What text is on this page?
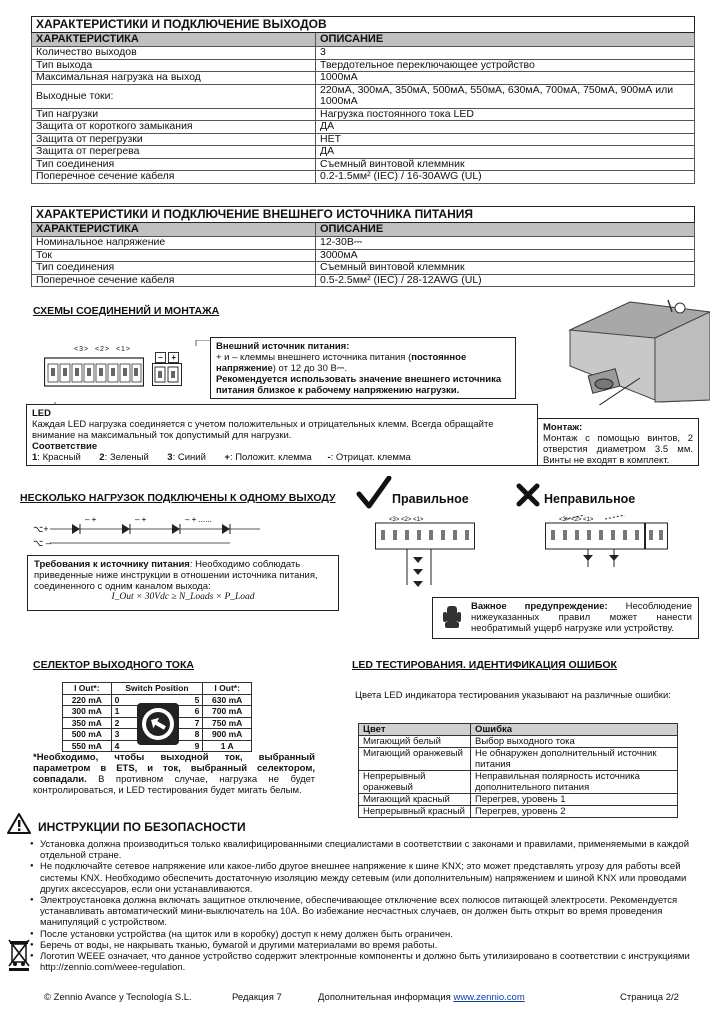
ХАРАКТЕРИСТИКИ И ПОДКЛЮЧЕНИЕ ВЫХОДОВ	
ХАРАКТЕРИСТИКА	ОПИСАНИЕ
Количество выходов	3
Тип выхода	Твердотельное переключающее устройство
Максимальная нагрузка на выход	1000мА
Выходные токи:	220мА, 300мА, 350мА, 500мА, 550мА, 630мА, 700мА, 750мА, 900мА или 1000мА
Тип нагрузки	Нагрузка постоянного тока LED
Защита от короткого замыкания	ДА
Защита от перегрузки	НЕТ
Защита от перегрева	ДА
Тип соединения	Съемный винтовой клеммник
Поперечное сечение кабеля	0.2-1.5мм² (IEC) / 16-30AWG (UL)
ХАРАКТЕРИСТИКИ И ПОДКЛЮЧЕНИЕ ВНЕШНЕГО ИСТОЧНИКА ПИТАНИЯ	
ХАРАКТЕРИСТИКА	ОПИСАНИЕ
Номинальное напряжение	12-30В⎓
Ток	3000мА
Тип соединения	Съемный винтовой клеммник
Поперечное сечение кабеля	0.5-2.5мм² (IEC) / 28-12AWG (UL)
СХЕМЫ СОЕДИНЕНИЙ И МОНТАЖА
<3> <2> <1>
– +
Внешний источник питания:
+ и – клеммы внешнего источника питания (постоянное напряжение) от 12 до 30 В⎓.
Рекомендуется использовать значение внешнего источника питания близкое к рабочему напряжению нагрузки.
LED
Каждая LED нагрузка соединяется с учетом положительных и отрицательных клемм. Всегда обращайте внимание на максимальный ток допустимый для нагрузки.
Соответствие
1: Красный 2: Зеленый 3: Синий +: Положит. клемма -: Отрицат. клемма
Монтаж:
Монтаж с помощью винтов, 2 отверстия диаметром 3.5 мм. Винты не входят в комплект.
НЕСКОЛЬКО НАГРУЗОК ПОДКЛЮЧЕНЫ К ОДНОМУ ВЫХОДУ
⌥+
⌥ –
– +	– +	– + ......
Требования к источнику питания: Необходимо соблюдать приведенные ниже инструкции в отношении источника питания, соединенного с одним каналом выхода:
I_Out × 30Vdc ≥ N_Loads × P_Load
Правильное	Неправильное
<3> <2> <1>	<3> <2> <1>
Важное предупреждение: Несоблюдение нижеуказанных правил может нанести необратимый ущерб нагрузке или устройству.
СЕЛЕКТОР ВЫХОДНОГО ТОКА
I Out*:	Switch Position		I Out*:
220 mA	0	5	630 mA
300 mA	1	6	700 mA
350 mA	2	7	750 mA
500 mA	3	8	900 mA
550 mA	4	9	1 A
*Необходимо, чтобы выходной ток, выбранный параметром в ETS, и ток, выбранный селектором, совпадали. В противном случае, нагрузка не будет контролироваться, и LED тестирования будет мигать белым.
LED ТЕСТИРОВАНИЯ. ИДЕНТИФИКАЦИЯ ОШИБОК
Цвета LED индикатора тестирования указывают на различные ошибки:
Цвет	Ошибка
Мигающий белый	Выбор выходного тока
Мигающий оранжевый	Не обнаружен дополнительный источник питания
Непрерывный оранжевый	Неправильная полярность источника дополнительного питания
Мигающий красный	Перегрев, уровень 1
Непрерывный красный	Перегрев, уровень 2
ИНСТРУКЦИИ ПО БЕЗОПАСНОСТИ
● Установка должна производиться только квалифицированными специалистами в соответствии с законами и правилами, применяемыми в каждой отдельной стране.
● Не подключайте сетевое напряжение или какое-либо другое внешнее напряжение к шине KNX; это может представлять угрозу для работы всей системы KNX. Необходимо обеспечить достаточную изоляцию между сетевым (или дополнительным) напряжением и шиной KNX или проводами других аксессуаров, если они устанавливаются.
● Электроустановка должна включать защитное отключение, обеспечивающее отключение всех полюсов питающей электросети. Рекомендуется устанавливать автоматический мини-выключатель на 10А. Во избежание несчастных случаев, он должен быть открыт во время проведения манипуляций с устройством.
● После установки устройства (на щиток или в коробку) доступ к нему должен быть ограничен.
● Беречь от воды, не накрывать тканью, бумагой и другими материалами во время работы.
● Логотип WEEE означает, что данное устройство содержит электронные компоненты и должно быть утилизировано в соответствии с инструкциями http://zennio.com/weee-regulation.
© Zennio Avance y Tecnología S.L.	Редакция 7	Дополнительная информация www.zennio.com	Страница 2/2
